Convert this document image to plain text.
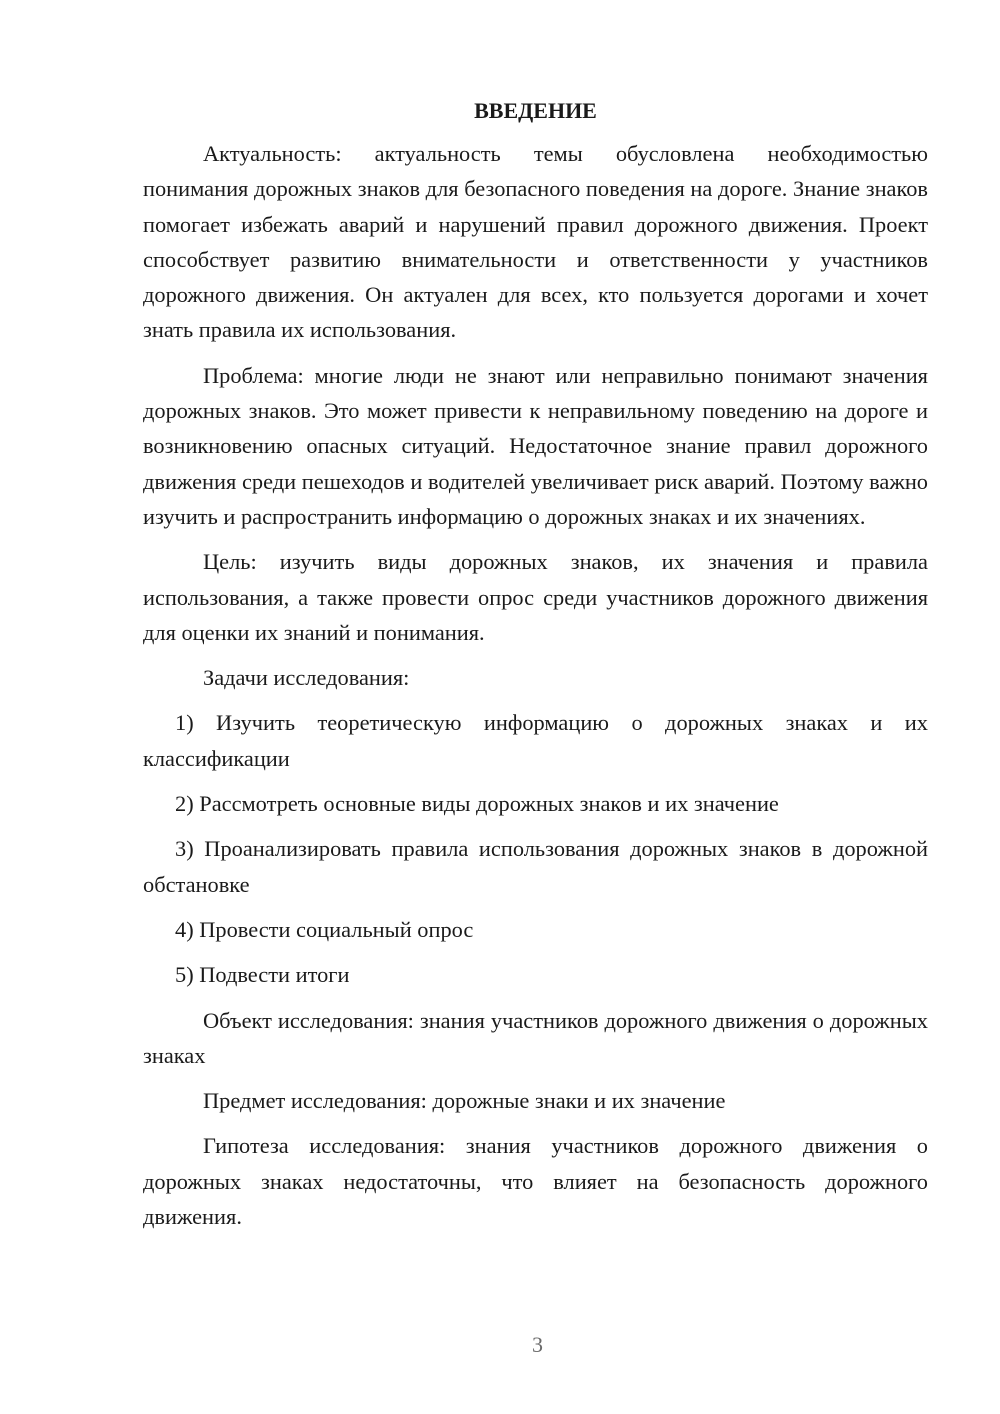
ВВЕДЕНИЕ

Актуальность: актуальность темы обусловлена необходимостью понимания дорожных знаков для безопасного поведения на дороге. Знание знаков помогает избежать аварий и нарушений правил дорожного движения. Проект способствует развитию внимательности и ответственности у участников дорожного движения. Он актуален для всех, кто пользуется дорогами и хочет знать правила их использования.

Проблема: многие люди не знают или неправильно понимают значения дорожных знаков. Это может привести к неправильному поведению на дороге и возникновению опасных ситуаций. Недостаточное знание правил дорожного движения среди пешеходов и водителей увеличивает риск аварий. Поэтому важно изучить и распространить информацию о дорожных знаках и их значениях.

Цель: изучить виды дорожных знаков, их значения и правила использования, а также провести опрос среди участников дорожного движения для оценки их знаний и понимания.

Задачи исследования:

1) Изучить теоретическую информацию о дорожных знаках и их классификации

2) Рассмотреть основные виды дорожных знаков и их значение

3) Проанализировать правила использования дорожных знаков в дорожной обстановке

4) Провести социальный опрос

5) Подвести итоги

Объект исследования: знания участников дорожного движения о дорожных знаках

Предмет исследования: дорожные знаки и их значение

Гипотеза исследования: знания участников дорожного движения о дорожных знаках недостаточны, что влияет на безопасность дорожного движения.

3
